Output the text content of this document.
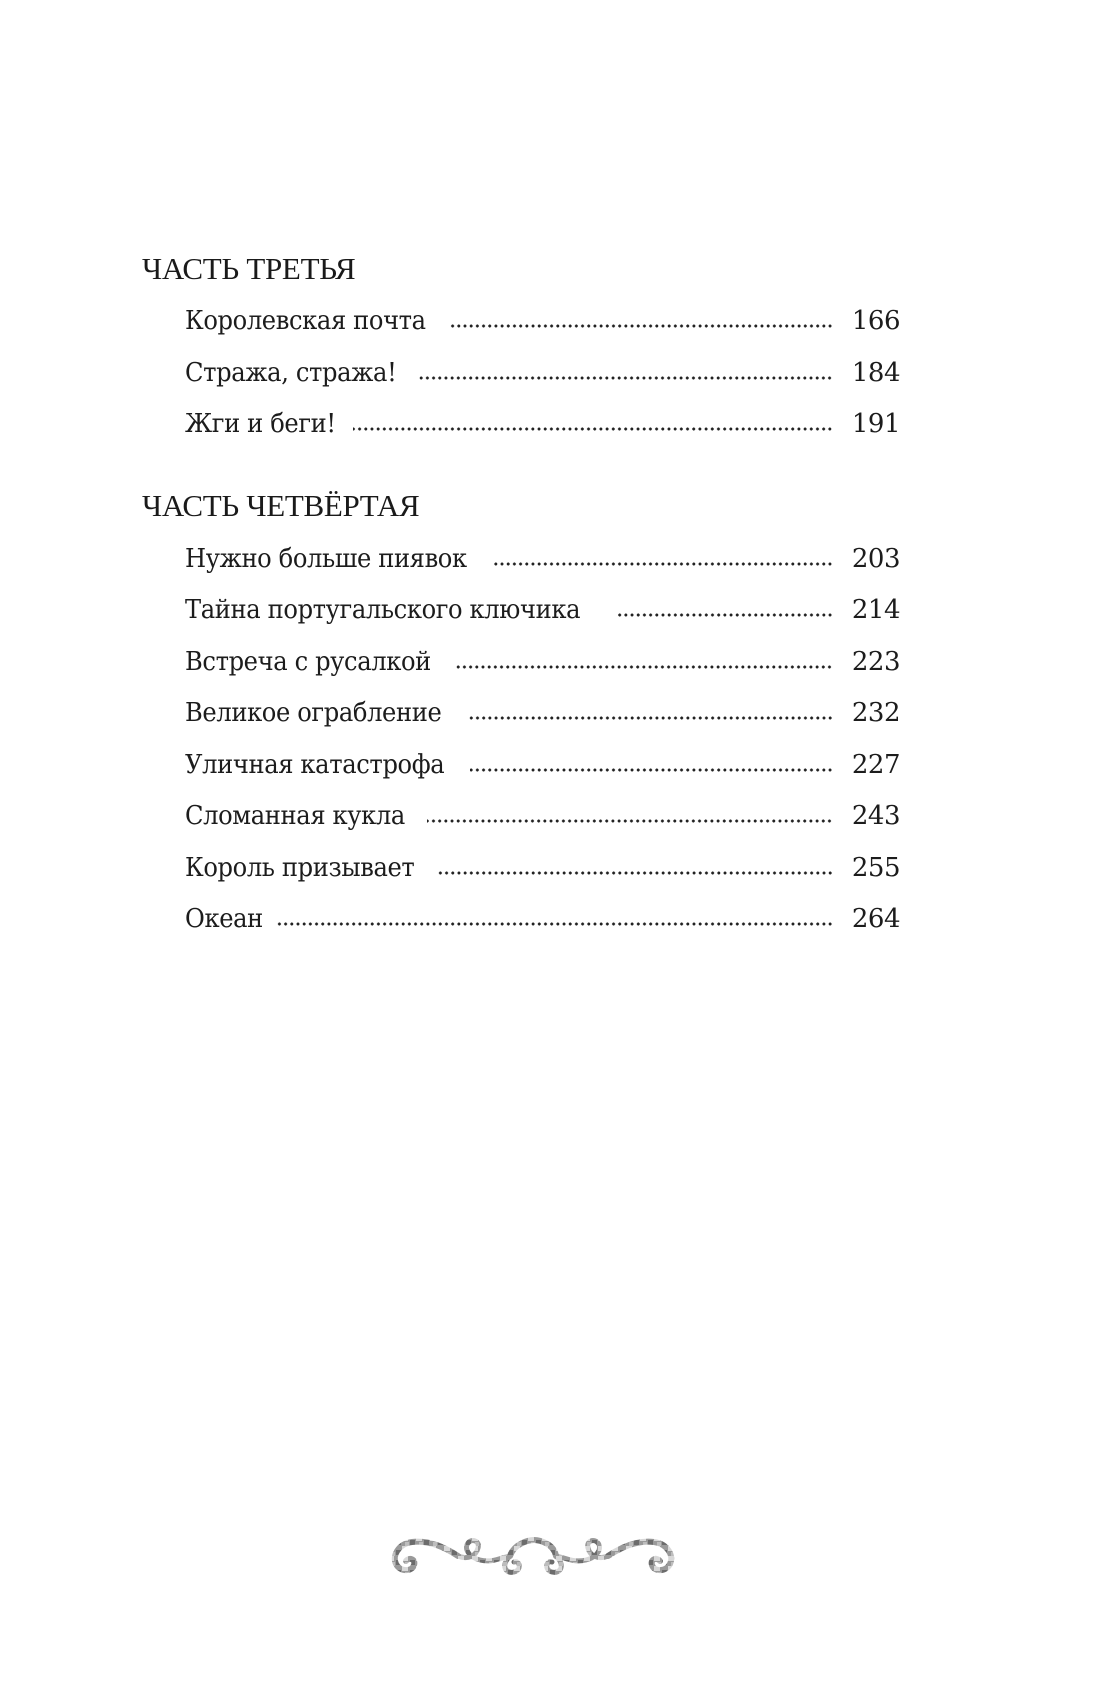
ЧАСТЬ ТРЕТЬЯ
Королевская почта	166
Стража, стража!	184
Жги и беги!	191
ЧАСТЬ ЧЕТВЁРТАЯ
Нужно больше пиявок	203
Тайна португальского ключика	214
Встреча с русалкой	223
Великое ограбление	232
Уличная катастрофа	227
Сломанная кукла	243
Король призывает	255
Океан	264
